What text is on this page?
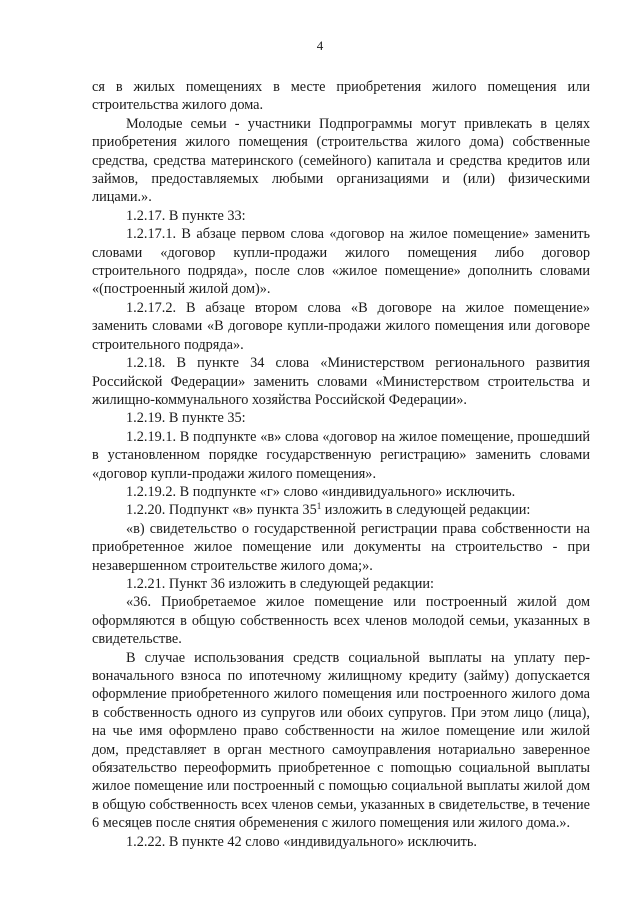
4

ся в жилых помещениях в месте приобретения жилого помещения или строительства жилого дома.

Молодые семьи - участники Подпрограммы могут привлекать в целях приобретения жилого помещения (строительства жилого дома) собственные средства, средства материнского (семейного) капитала и средства кредитов или займов, предоставляемых любыми организациями и (или) физическими лицами.».

1.2.17. В пункте 33:

1.2.17.1. В абзаце первом слова «договор на жилое помещение» заменить словами «договор купли-продажи жилого помещения либо договор строительного подряда», после слов «жилое помещение» дополнить словами «(построенный жилой дом)».

1.2.17.2. В абзаце втором слова «В договоре на жилое помещение» заменить словами «В договоре купли-продажи жилого помещения или договоре строительного подряда».

1.2.18. В пункте 34 слова «Министерством регионального развития Российской Федерации» заменить словами «Министерством строительства и жилищно-коммунального хозяйства Российской Федерации».

1.2.19. В пункте 35:

1.2.19.1. В подпункте «в» слова «договор на жилое помещение, прошедший в установленном порядке государственную регистрацию» заменить словами «договор купли-продажи жилого помещения».

1.2.19.2. В подпункте «г» слово «индивидуального» исключить.

1.2.20. Подпункт «в» пункта $35^1$ изложить в следующей редакции:

«в) свидетельство о государственной регистрации права собственности на приобретенное жилое помещение или документы на строительство - при незавершенном строительстве жилого дома;».

1.2.21. Пункт 36 изложить в следующей редакции:

«36. Приобретаемое жилое помещение или построенный жилой дом оформляются в общую собственность всех членов молодой семьи, указанных в свидетельстве.

В случае использования средств социальной выплаты на уплату первоначального взноса по ипотечному жилищному кредиту (займу) допускается оформление приобретенного жилого помещения или построенного жилого дома в собственность одного из супругов или обоих супругов. При этом лицо (лица), на чье имя оформлено право собственности на жилое помещение или жилой дом, представляет в орган местного самоуправления нотариально заверенное обязательство переоформить приобретенное с поmощью социальной выплаты жилое помещение или построенный с помощью социальной выплаты жилой дом в общую собственность всех членов семьи, указанных в свидетельстве, в течение 6 месяцев после снятия обременения с жилого помещения или жилого дома.».

1.2.22. В пункте 42 слово «индивидуального» исключить.
